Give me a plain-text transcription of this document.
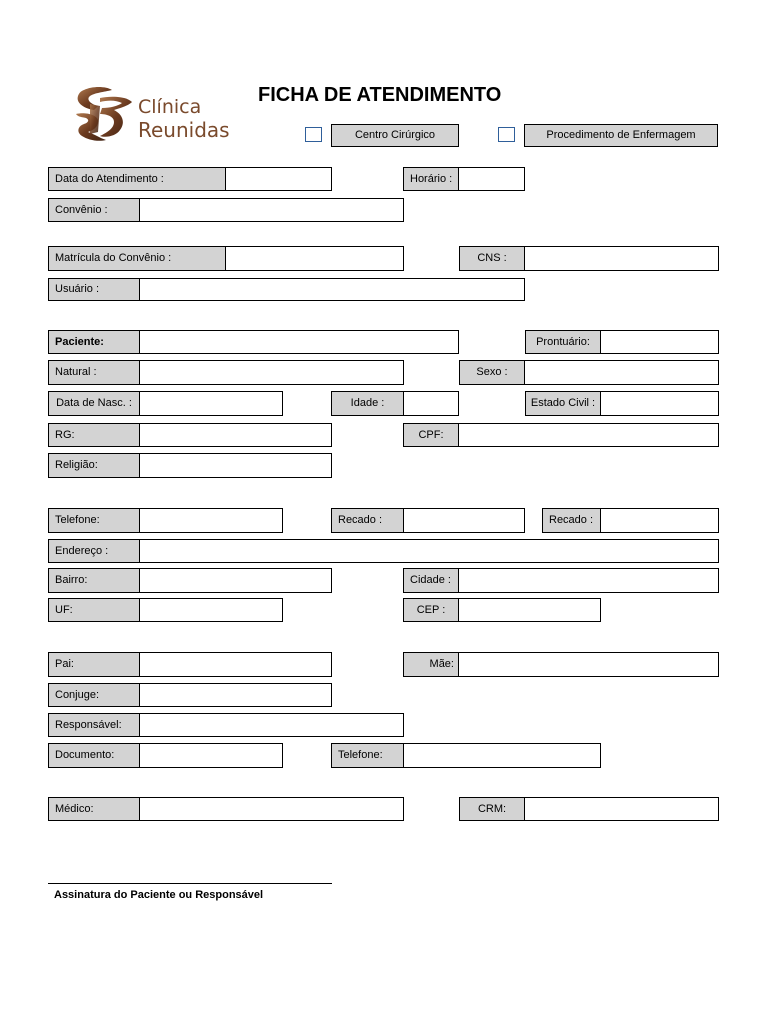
Clínica
Reunidas
FICHA DE ATENDIMENTO
Centro Cirúrgico	Procedimento de Enfermagem
Data do Atendimento :	Horário :
Convênio :
Matrícula do Convênio :	CNS :
Usuário :
Paciente:	Prontuário:
Natural :	Sexo :
Data de Nasc. :	Idade :	Estado Civil :
RG:	CPF:
Religião:
Telefone:	Recado :	Recado :
Endereço :
Bairro:	Cidade :
UF:	CEP :
Pai:	Mãe:
Conjuge:
Responsável:
Documento:	Telefone:
Médico:	CRM:
Assinatura do Paciente ou Responsável
